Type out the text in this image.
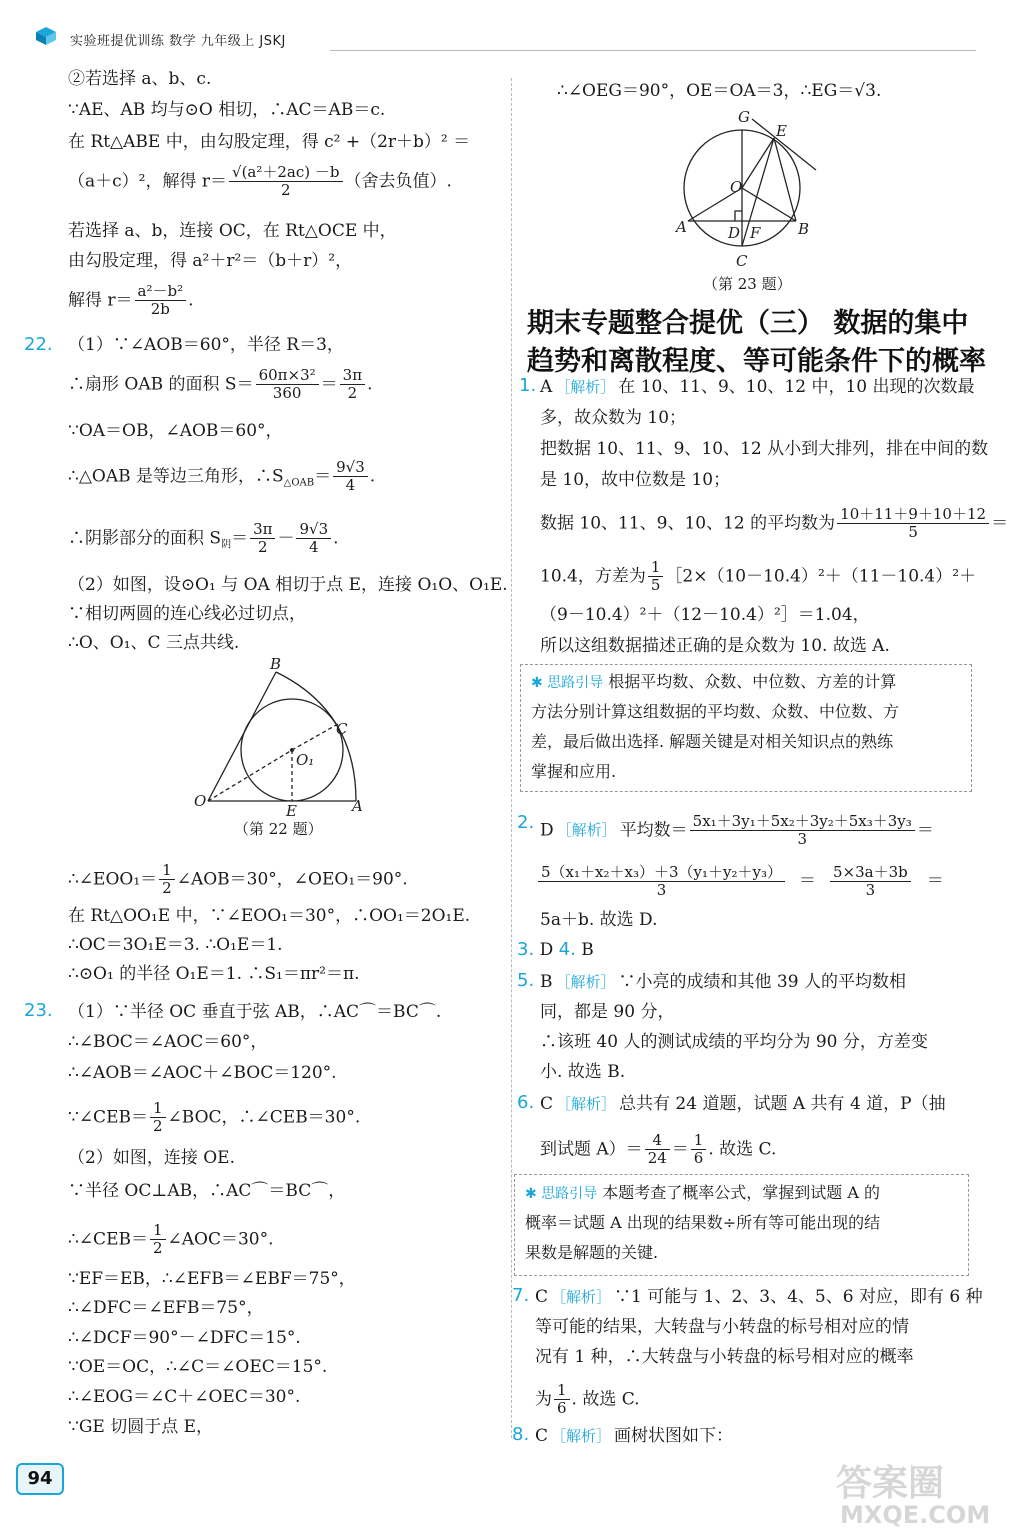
实验班提优训练 数学 九年级上 JSKJ
②若选择 a、b、c.
∵AE、AB 均与⊙O 相切，∴AC＝AB＝c.
在 Rt△ABE 中，由勾股定理，得 c² +（2r＋b）² ＝
（a＋c）²，解得 $r= \frac{\text{√(a²＋2ac) －b}}{2}$ （舍去负值）.
若选择 a、b，连接 OC，在 Rt△OCE 中，
由勾股定理，得 a²＋r²＝（b＋r）²，
解得 $r= \frac{\text{a²－b²}}{2b}$ .
22. （1）∵∠AOB＝60°，半径 R＝3，
∴扇形 OAB 的面积 $S= \frac{\text{60π×3²}}{360} = \frac{3\pi}{2}$ .
∵OA＝OB，∠AOB＝60°，
∴△OAB 是等边三角形，$\therefore S_{\triangle OAB}= \frac{9√3}{4}$ .
∴阴影部分的面积 $S_阴= \frac{3\pi}{2} - \frac{9√3}{4}$ .
（2）如图，设⊙O₁ 与 OA 相切于点 E，连接 O₁O、O₁E.
∵相切两圆的连心线必过切点，
∴O、O₁、C 三点共线.
B
C
O₁
O
E	A
（第 22 题）
∴∠EOO₁＝ $\frac{1}{2}$ ∠AOB＝30°，∠OEO₁＝90°.
在 Rt△OO₁E 中，∵∠EOO₁＝30°，∴OO₁＝2O₁E.
∴OC＝3O₁E＝3. ∴O₁E＝1.
∴⊙O₁ 的半径 O₁E＝1. ∴S₁＝πr²＝π.
23. （1）∵半径 OC 垂直于弦 AB，∴AC⌒＝BC⌒.
∴∠BOC＝∠AOC＝60°，
∴∠AOB＝∠AOC＋∠BOC＝120°.
∵∠CEB＝ $\frac{1}{2}$ ∠BOC，∴∠CEB＝30°.
（2）如图，连接 OE.
∵半径 OC⊥AB，∴AC⌒＝BC⌒，
∴∠CEB＝ $\frac{1}{2}$ ∠AOC＝30°.
∵EF＝EB，∴∠EFB＝∠EBF＝75°，
∴∠DFC＝∠EFB＝75°，
∴∠DCF＝90°－∠DFC＝15°.
∵OE＝OC，∴∠C＝∠OEC＝15°.
∴∠EOG＝∠C＋∠OEC＝30°.
∵GE 切圆于点 E，
∴∠OEG＝90°，OE＝OA＝3，∴EG＝√3.
G
E
O
A	D F	B
C
（第 23 题）
期末专题整合提优（三） 数据的集中
趋势和离散程度、等可能条件下的概率
1. A ［解析］ 在 10、11、9、10、12 中，10 出现的次数最
多，故众数为 10；
把数据 10、11、9、10、12 从小到大排列，排在中间的数
是 10，故中位数是 10；
数据 10、11、9、10、12 的平均数为 $\frac{10+11+9+10+12}{5}$ ＝
10.4，方差为 $\frac{1}{5}$ ［2×（10－10.4）²＋（11－10.4）²＋
（9－10.4）²＋（12－10.4）²］＝1.04，
所以这组数据描述正确的是众数为 10. 故选 A.
✱ 思路引导 根据平均数、众数、中位数、方差的计算
方法分别计算这组数据的平均数、众数、中位数、方
差，最后做出选择. 解题关键是对相关知识点的熟练
掌握和应用.
2. D ［解析］ 平均数＝ $\frac{\text{5x₁＋3y₁＋5x₂＋3y₂＋5x₃＋3y₃}}{3}$ ＝
$\frac{\text{5（x₁＋x₂＋x₃）＋3（y₁＋y₂＋y₃）}}{3} = \frac{5\times 3a+3b}{3}$ ＝
5a＋b. 故选 D.
3. D 4. B
5. B ［解析］ ∵小亮的成绩和其他 39 人的平均数相
同，都是 90 分，
∴该班 40 人的测试成绩的平均分为 90 分，方差变
小. 故选 B.
6. C ［解析］ 总共有 24 道题，试题 A 共有 4 道，P（抽
到试题 $A)= \frac{4}{24} = \frac{1}{6}$ . 故选 C.
✱ 思路引导 本题考查了概率公式，掌握到试题 A 的
概率＝试题 A 出现的结果数÷所有等可能出现的结
果数是解题的关键.
7. C ［解析］ ∵1 可能与 1、2、3、4、5、6 对应，即有 6 种
等可能的结果，大转盘与小转盘的标号相对应的情
况有 1 种，∴大转盘与小转盘的标号相对应的概率
为 $\frac{1}{6}$ . 故选 C.
8. C ［解析］ 画树状图如下：
94	答案圈
MXQE.COM
